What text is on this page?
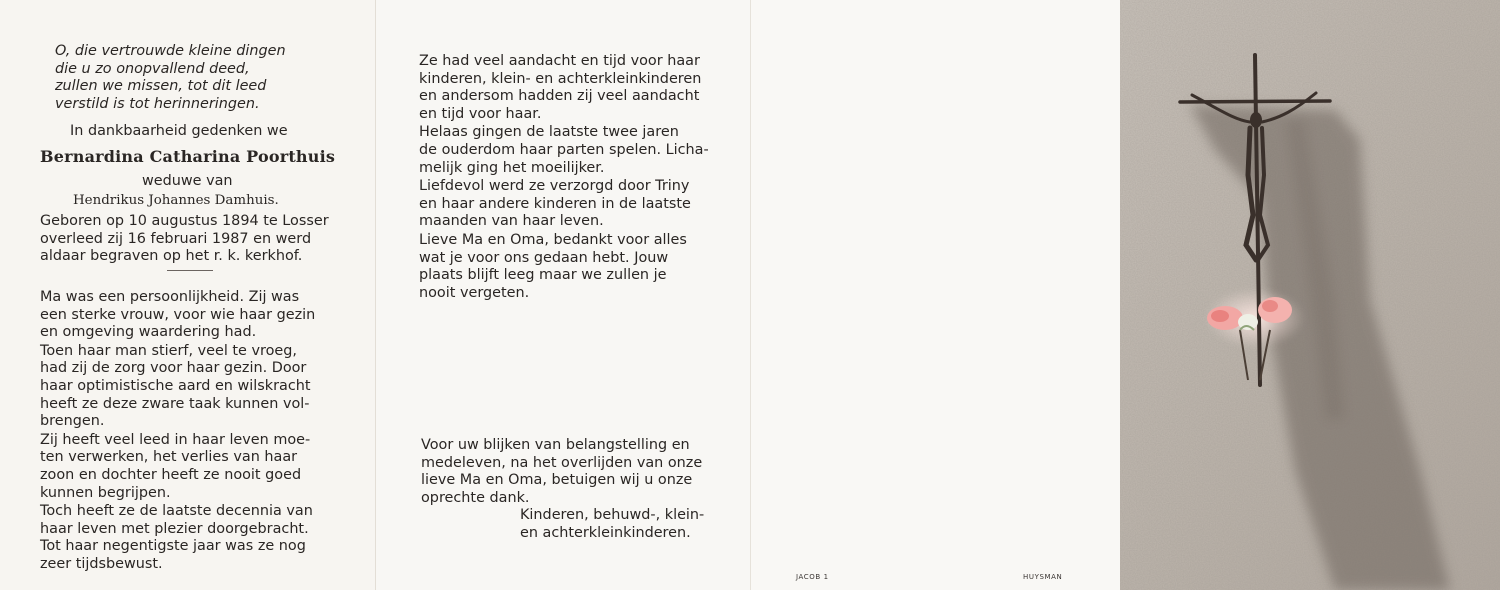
O, die vertrouwde kleine dingen
die u zo onopvallend deed,
zullen we missen, tot dit leed
verstild is tot herinneringen.
In dankbaarheid gedenken we
Bernardina Catharina Poorthuis
weduwe van
Hendrikus Johannes Damhuis.
Geboren op 10 augustus 1894 te Losser
overleed zij 16 februari 1987 en werd
aldaar begraven op het r. k. kerkhof.

Ma was een persoonlijkheid. Zij was
een sterke vrouw, voor wie haar gezin
en omgeving waardering had.

Toen haar man stierf, veel te vroeg,
had zij de zorg voor haar gezin. Door
haar optimistische aard en wilskracht
heeft ze deze zware taak kunnen vol-
brengen.

Zij heeft veel leed in haar leven moe-
ten verwerken, het verlies van haar
zoon en dochter heeft ze nooit goed
kunnen begrijpen.

Toch heeft ze de laatste decennia van
haar leven met plezier doorgebracht.
Tot haar negentigste jaar was ze nog
zeer tijdsbewust.

Ze had veel aandacht en tijd voor haar
kinderen, klein- en achterkleinkinderen
en andersom hadden zij veel aandacht
en tijd voor haar.

Helaas gingen de laatste twee jaren
de ouderdom haar parten spelen. Licha-
melijk ging het moeilijker.

Liefdevol werd ze verzorgd door Triny
en haar andere kinderen in de laatste
maanden van haar leven.

Lieve Ma en Oma, bedankt voor alles
wat je voor ons gedaan hebt. Jouw
plaats blijft leeg maar we zullen je
nooit vergeten.

Voor uw blijken van belangstelling en
medeleven, na het overlijden van onze
lieve Ma en Oma, betuigen wij u onze
oprechte dank.
Kinderen, behuwd-, klein-
en achterkleinkinderen.
JACOB 1	HUYSMAN
